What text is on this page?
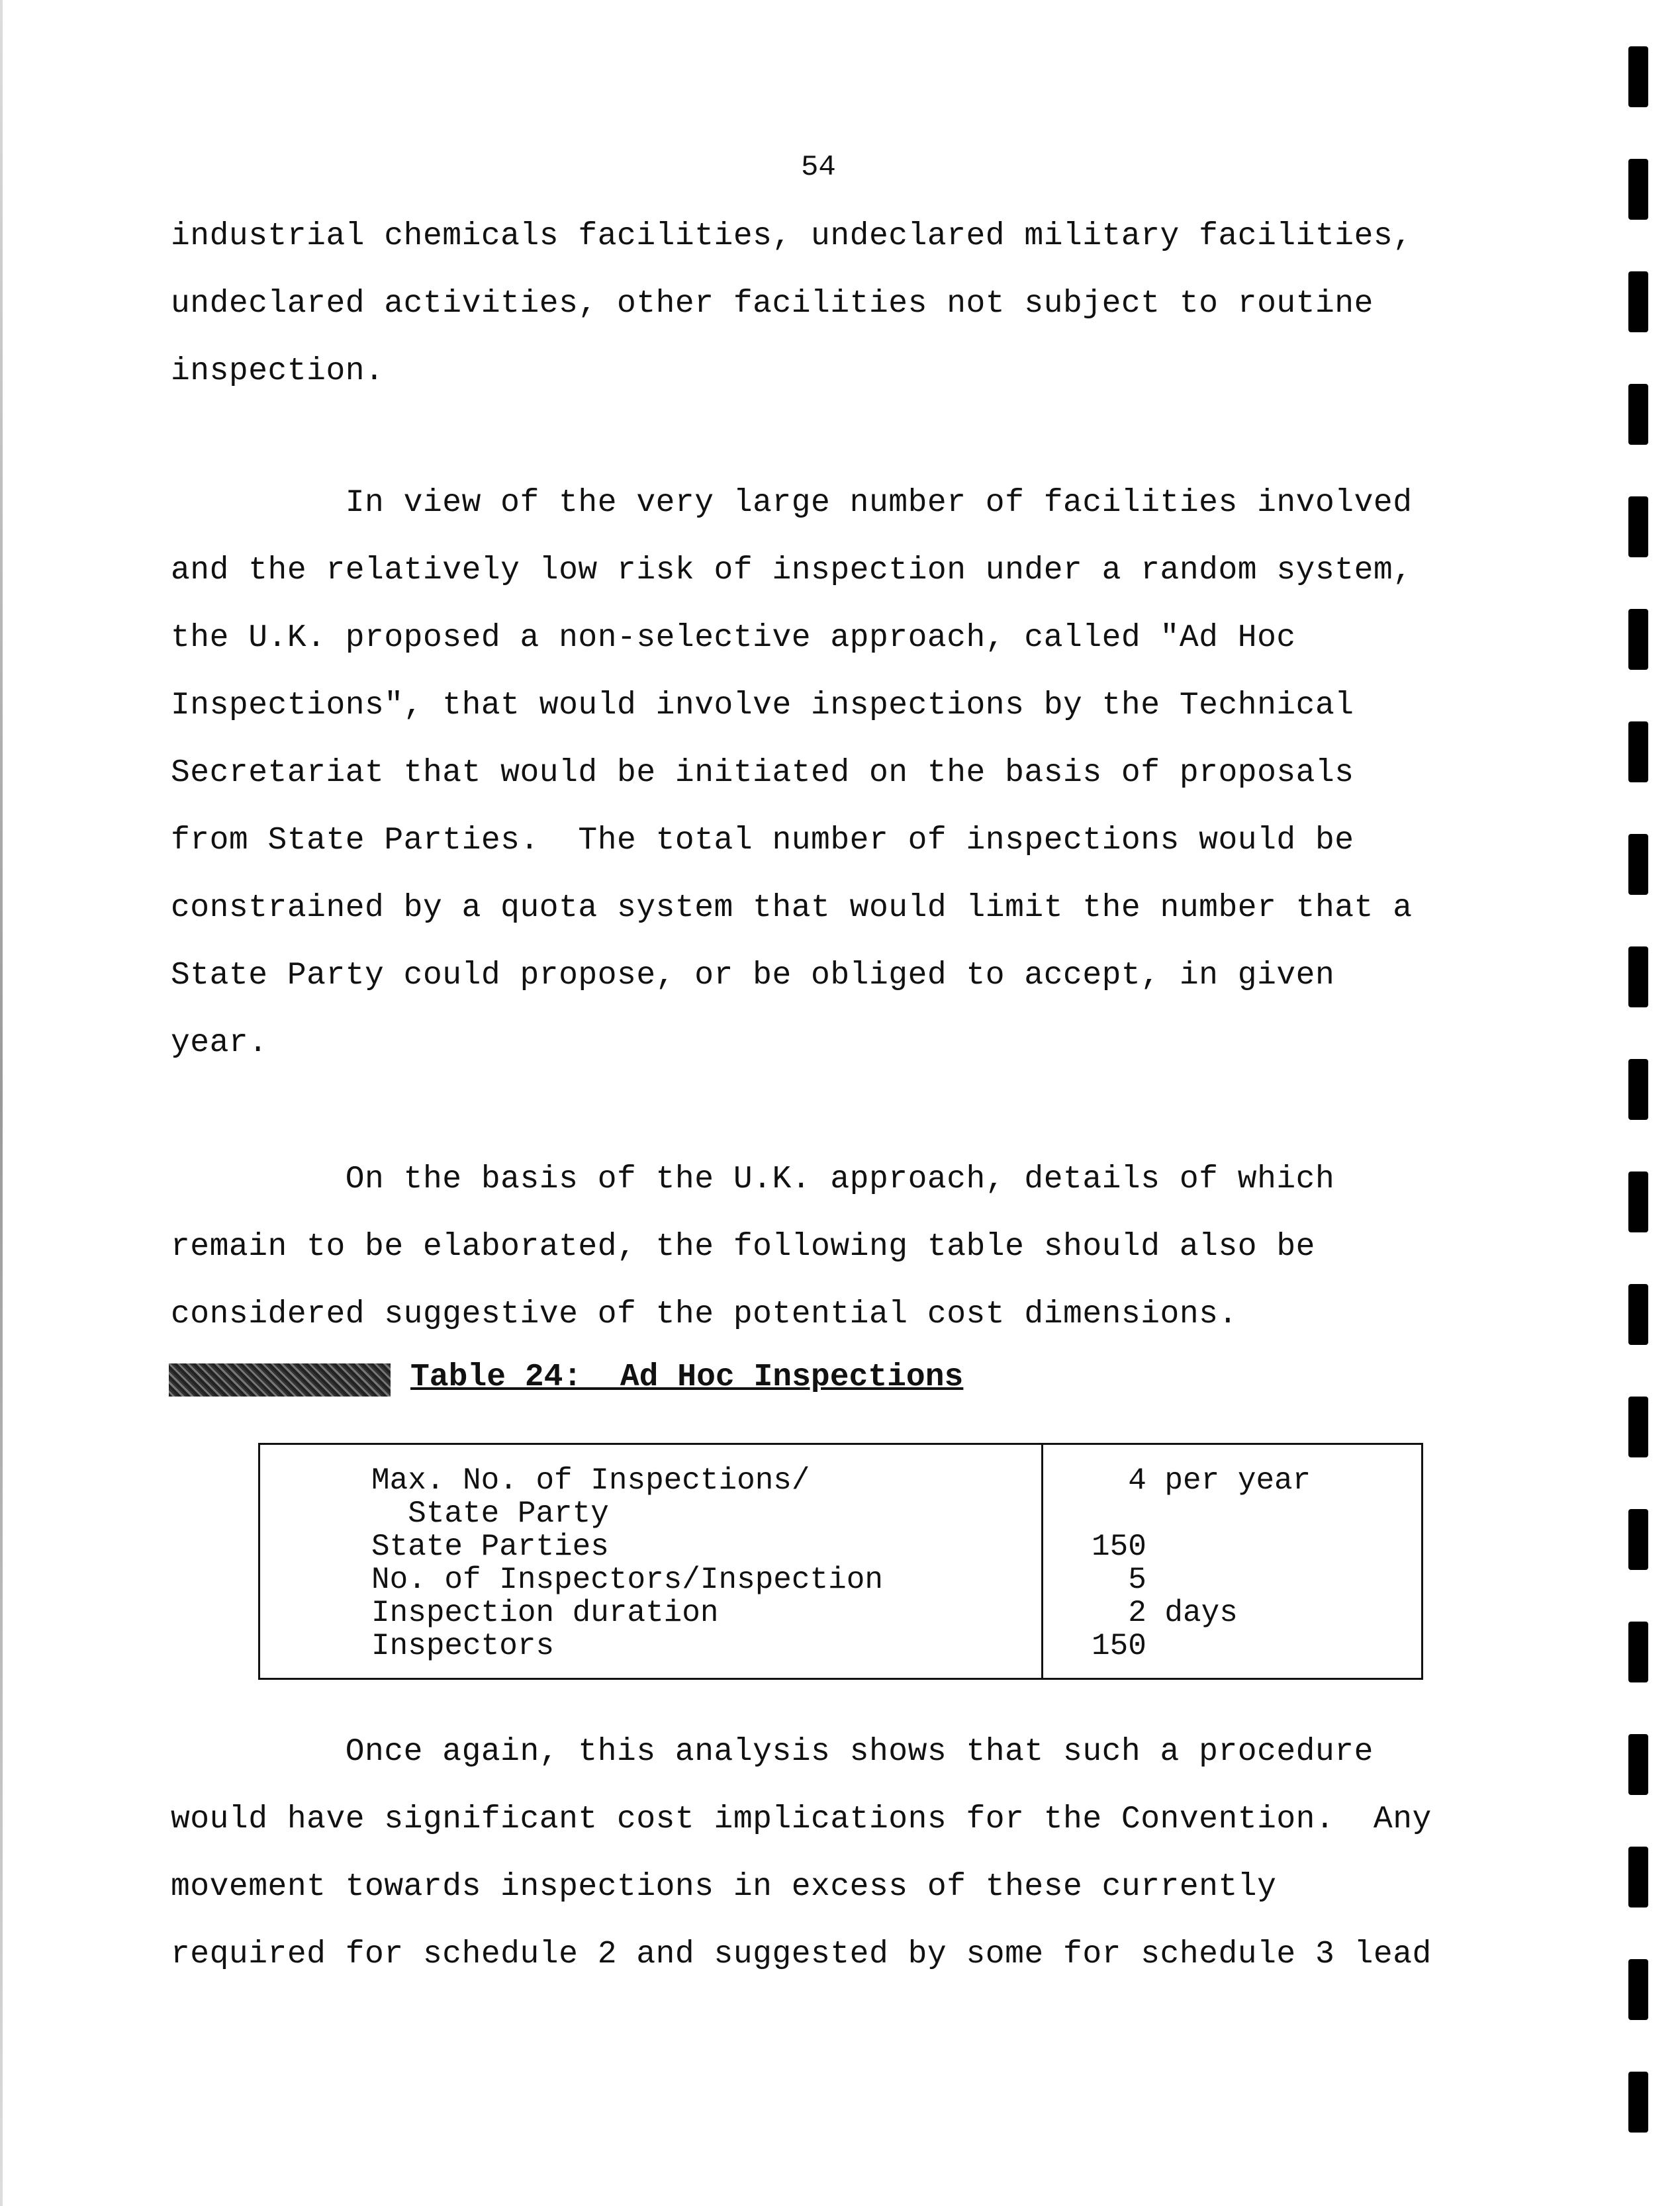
54
industrial chemicals facilities, undeclared military facilities,
undeclared activities, other facilities not subject to routine
inspection.
In view of the very large number of facilities involved
and the relatively low risk of inspection under a random system,
the U.K. proposed a non-selective approach, called "Ad Hoc
Inspections", that would involve inspections by the Technical
Secretariat that would be initiated on the basis of proposals
from State Parties.  The total number of inspections would be
constrained by a quota system that would limit the number that a
State Party could propose, or be obliged to accept, in given
year.
On the basis of the U.K. approach, details of which
remain to be elaborated, the following table should also be
considered suggestive of the potential cost dimensions.
Table 24:  Ad Hoc Inspections
Max. No. of Inspections/	4 per year
State Party
State Parties	150
No. of Inspectors/Inspection	5
Inspection duration	2 days
Inspectors	150
Once again, this analysis shows that such a procedure
would have significant cost implications for the Convention.  Any
movement towards inspections in excess of these currently
required for schedule 2 and suggested by some for schedule 3 lead
